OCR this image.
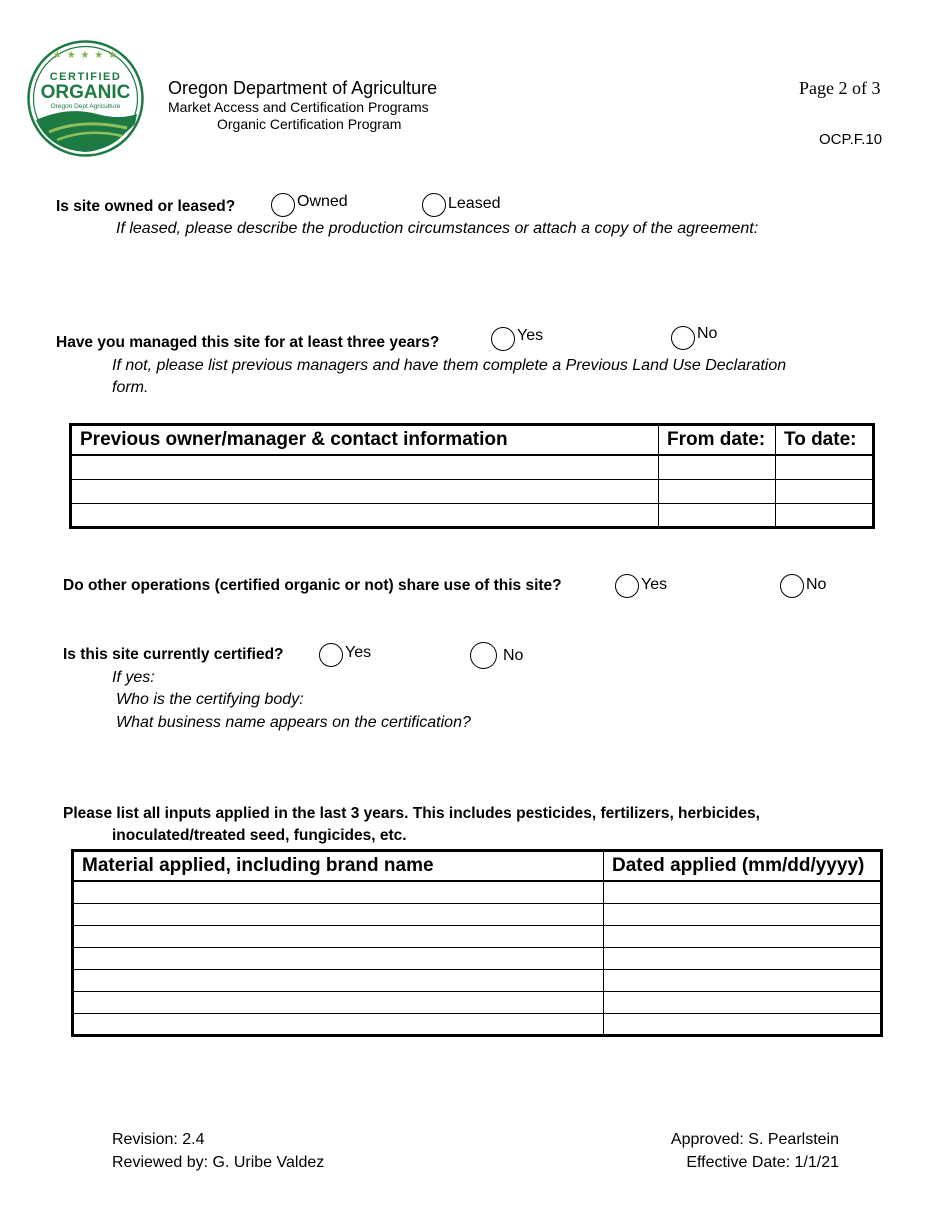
★ ★ ★ ★ ★
CERTIFIED
ORGANIC
Oregon Dept Agriculture
Oregon Department of Agriculture
Market Access and Certification Programs
Organic Certification Program
Page 2 of 3
OCP.F.10
Is site owned or leased?	Owned	Leased
If leased, please describe the production circumstances or attach a copy of the agreement:
Have you managed this site for at least three years?	Yes	No
If not, please list previous managers and have them complete a Previous Land Use Declaration
form.
Previous owner/manager & contact information	From date:	To date:

Do other operations (certified organic or not) share use of this site?	Yes	No
Is this site currently certified?	Yes	No
If yes:
Who is the certifying body:
What business name appears on the certification?
Please list all inputs applied in the last 3 years. This includes pesticides, fertilizers, herbicides,
inoculated/treated seed, fungicides, etc.
Material applied, including brand name	Dated applied (mm/dd/yyyy)

Revision: 2.4
Reviewed by: G. Uribe Valdez
Approved: S. Pearlstein
Effective Date: 1/1/21
